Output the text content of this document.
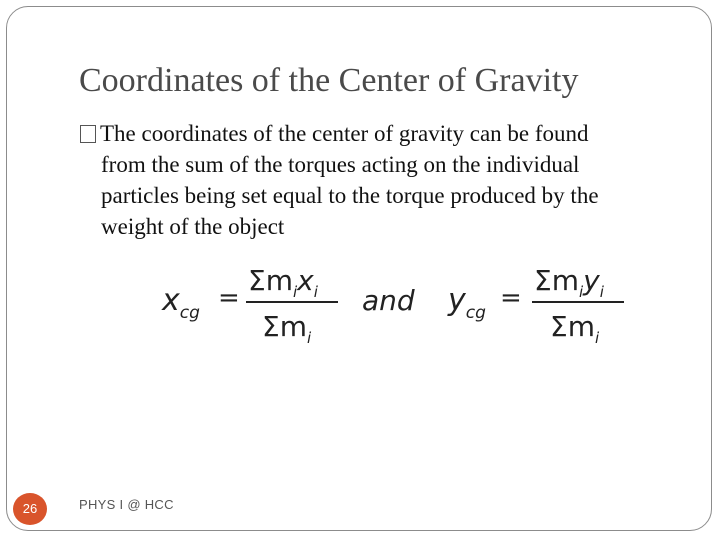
Coordinates of the Center of Gravity
The coordinates of the center of gravity can be found
from the sum of the torques acting on the individual
particles being set equal to the torque produced by the
weight of the object
$x_{cg}$ =
$\Sigma m_ix_i$
$\Sigma m_i$
and $y_{cg}$ =
$\Sigma m_iy_i$
$\Sigma m_i$
26	PHYS I @ HCC
